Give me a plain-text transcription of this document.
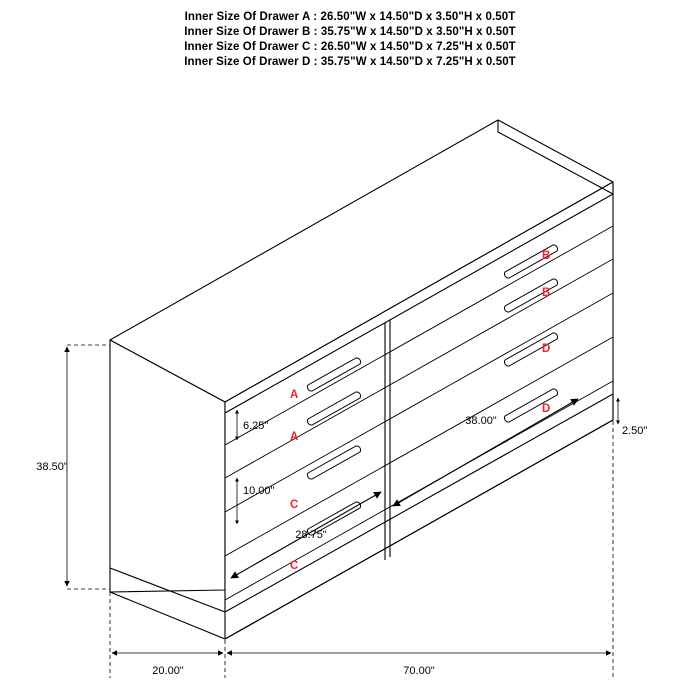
Inner Size Of Drawer A : 26.50"W x 14.50"D x 3.50"H x 0.50T
Inner Size Of Drawer B : 35.75"W x 14.50"D x 3.50"H x 0.50T
Inner Size Of Drawer C : 26.50"W x 14.50"D x 7.25"H x 0.50T
Inner Size Of Drawer D : 35.75"W x 14.50"D x 7.25"H x 0.50T
B
B
D
D
A
A
C
C
38.50"
6.25"
10.00"
2.50"
38.00"
28.75"
20.00"	70.00"
